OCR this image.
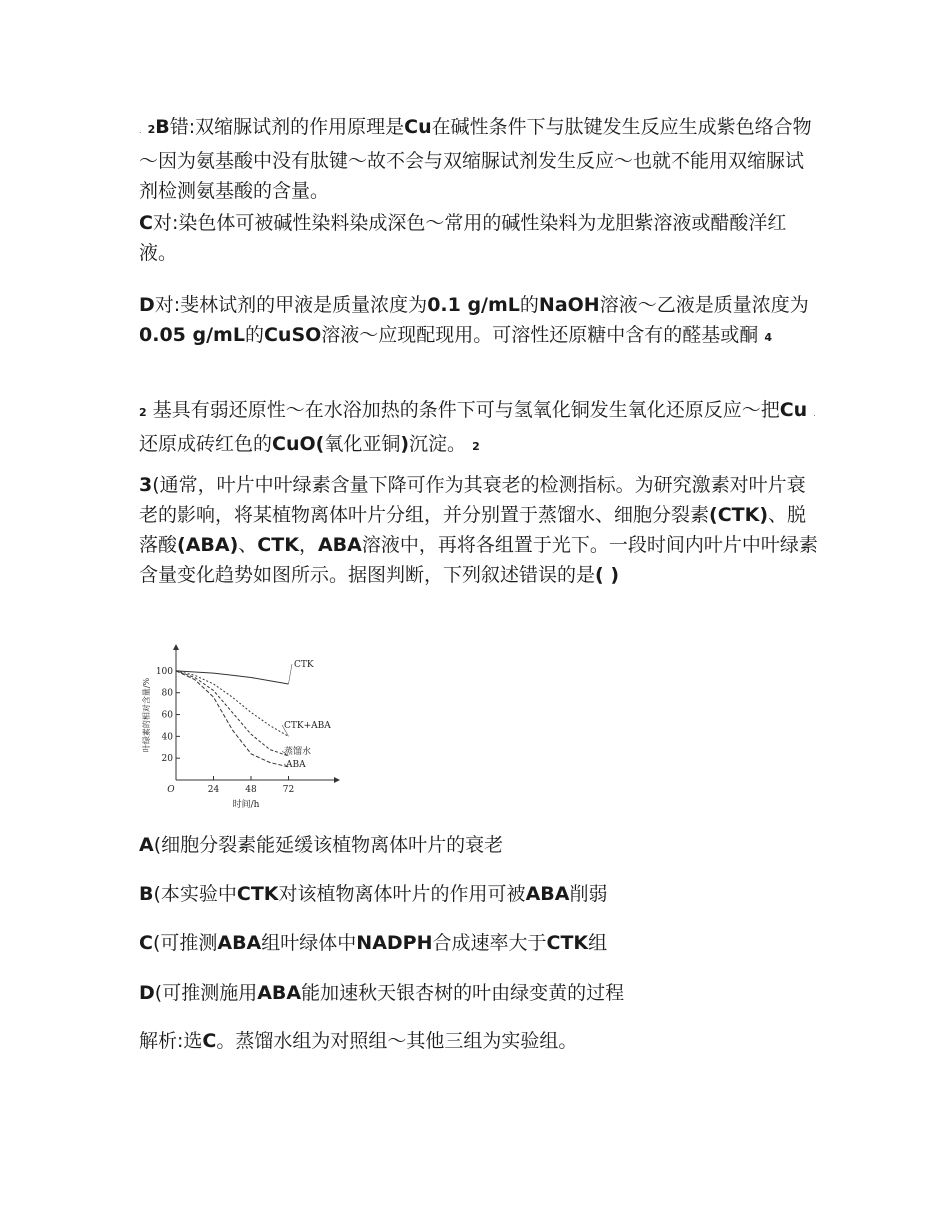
. 2B错:双缩脲试剂的作用原理是Cu在碱性条件下与肽键发生反应生成紫色络合物～因为氨基酸中没有肽键～故不会与双缩脲试剂发生反应～也就不能用双缩脲试剂检测氨基酸的含量。

C对:染色体可被碱性染料染成深色～常用的碱性染料为龙胆紫溶液或醋酸洋红液。

D对:斐林试剂的甲液是质量浓度为0.1 g/mL的NaOH溶液～乙液是质量浓度为0.05 g/mL的CuSO溶液～应现配现用。可溶性还原糖中含有的醛基或酮 4

2 基具有弱还原性～在水浴加热的条件下可与氢氧化铜发生氧化还原反应～把Cu . 还原成砖红色的CuO(氧化亚铜)沉淀。 2

3(通常，叶片中叶绿素含量下降可作为其衰老的检测指标。为研究激素对叶片衰老的影响，将某植物离体叶片分组，并分别置于蒸馏水、细胞分裂素(CTK)、脱落酸(ABA)、CTK，ABA溶液中，再将各组置于光下。一段时间内叶片中叶绿素含量变化趋势如图所示。据图判断，下列叙述错误的是( )

24	48	72
20
40
60
80
100
O
时间/h
叶绿素的相对含量/%
CTK
CTK+ABA
蒸馏水
ABA

A(细胞分裂素能延缓该植物离体叶片的衰老

B(本实验中CTK对该植物离体叶片的作用可被ABA削弱

C(可推测ABA组叶绿体中NADPH合成速率大于CTK组

D(可推测施用ABA能加速秋天银杏树的叶由绿变黄的过程

解析:选C。蒸馏水组为对照组～其他三组为实验组。
